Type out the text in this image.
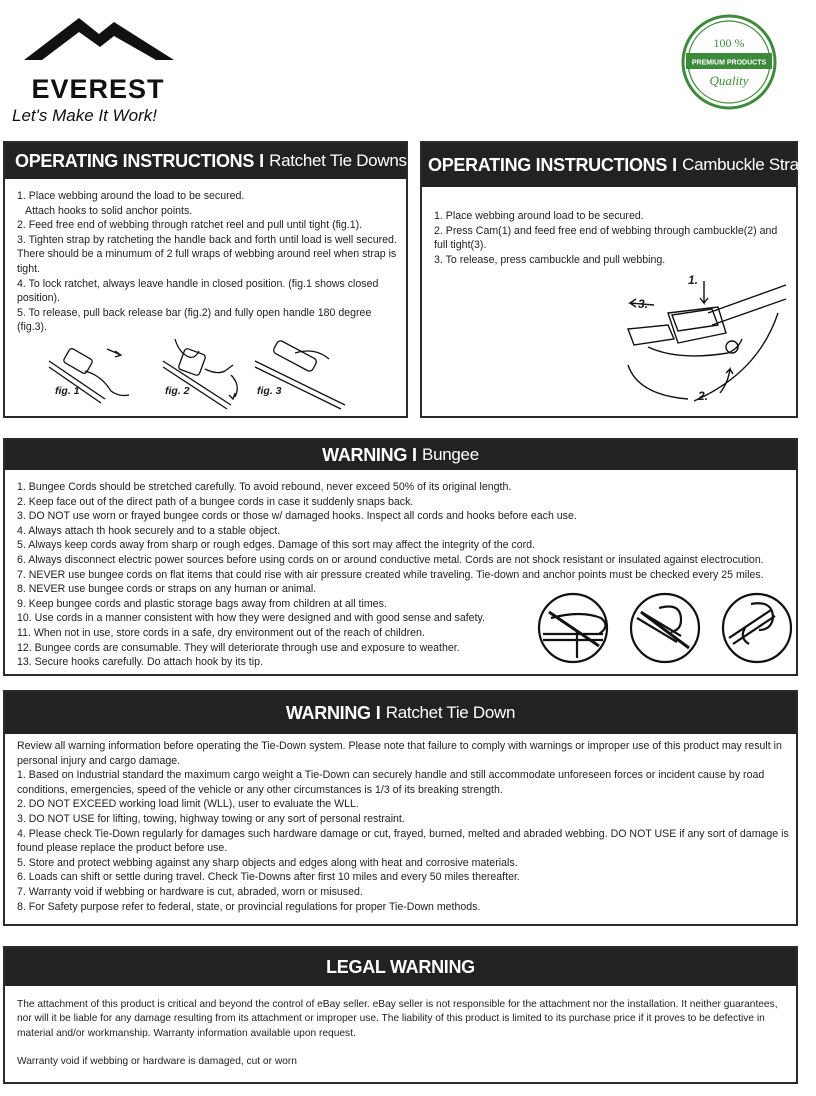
EVEREST
Let's Make It Work!
100 %
PREMIUM PRODUCTS
Quality
OPERATING INSTRUCTIONS I Ratchet Tie Downs

1. Place webbing around the load to be secured.

Attach hooks to solid anchor points.

2. Feed free end of webbing through ratchet reel and pull until tight (fig.1).

3. Tighten strap by ratcheting the handle back and forth until load is well secured. There should be a minumum of 2 full wraps of webbing around reel when strap is tight.

4. To lock ratchet, always leave handle in closed position. (fig.1 shows closed position).

5. To release, pull back release bar (fig.2) and fully open handle 180 degree (fig.3).

fig. 1	fig. 2	fig. 3
OPERATING INSTRUCTIONS I Cambuckle Straps

1. Place webbing around load to be secured.

2. Press Cam(1) and feed free end of webbing through cambuckle(2) and full tight(3).

3. To release, press cambuckle and pull webbing.

1.
2.
3.
WARNING I Bungee

1. Bungee Cords should be stretched carefully. To avoid rebound, never exceed 50% of its original length.

2. Keep face out of the direct path of a bungee cords in case it suddenly snaps back.

3. DO NOT use worn or frayed bungee cords or those w/ damaged hooks. Inspect all cords and hooks before each use.

4. Always attach th hook securely and to a stable object.

5. Always keep cords away from sharp or rough edges. Damage of this sort may affect the integrity of the cord.

6. Always disconnect electric power sources before using cords on or around conductive metal. Cords are not shock resistant or insulated against electrocution.

7. NEVER use bungee cords on flat items that could rise with air pressure created while traveling. Tie-down and anchor points must be checked every 25 miles.

8. NEVER use bungee cords or straps on any human or animal.

9. Keep bungee cords and plastic storage bags away from children at all times.

10. Use cords in a manner consistent with how they were designed and with good sense and safety.

11. When not in use, store cords in a safe, dry environment out of the reach of children.

12. Bungee cords are consumable. They will deteriorate through use and exposure to weather.

13. Secure hooks carefully. Do attach hook by its tip.

WARNING I Ratchet Tie Down

Review all warning information before operating the Tie-Down system. Please note that failure to comply with warnings or improper use of this product may result in personal injury and cargo damage.

1. Based on Industrial standard the maximum cargo weight a Tie-Down can securely handle and still accommodate unforeseen forces or incident cause by road conditions, emergencies, speed of the vehicle or any other circumstances is 1/3 of its breaking strength.

2. DO NOT EXCEED working load limit (WLL), user to evaluate the WLL.

3. DO NOT USE for lifting, towing, highway towing or any sort of personal restraint.

4. Please check Tie-Down regularly for damages such hardware damage or cut, frayed, burned, melted and abraded webbing. DO NOT USE if any sort of damage is found please replace the product before use.

5. Store and protect webbing against any sharp objects and edges along with heat and corrosive materials.

6. Loads can shift or settle during travel. Check Tie-Downs after first 10 miles and every 50 miles thereafter.

7. Warranty void if webbing or hardware is cut, abraded, worn or misused.

8. For Safety purpose refer to federal, state, or provincial regulations for proper Tie-Down methods.

LEGAL WARNING

The attachment of this product is critical and beyond the control of eBay seller. eBay seller is not responsible for the attachment nor the installation. It neither guarantees, nor will it be liable for any damage resulting from its attachment or improper use. The liability of this product is limited to its purchase price if it proves to be defective in material and/or workmanship. Warranty information available upon request.

Warranty void if webbing or hardware is damaged, cut or worn
